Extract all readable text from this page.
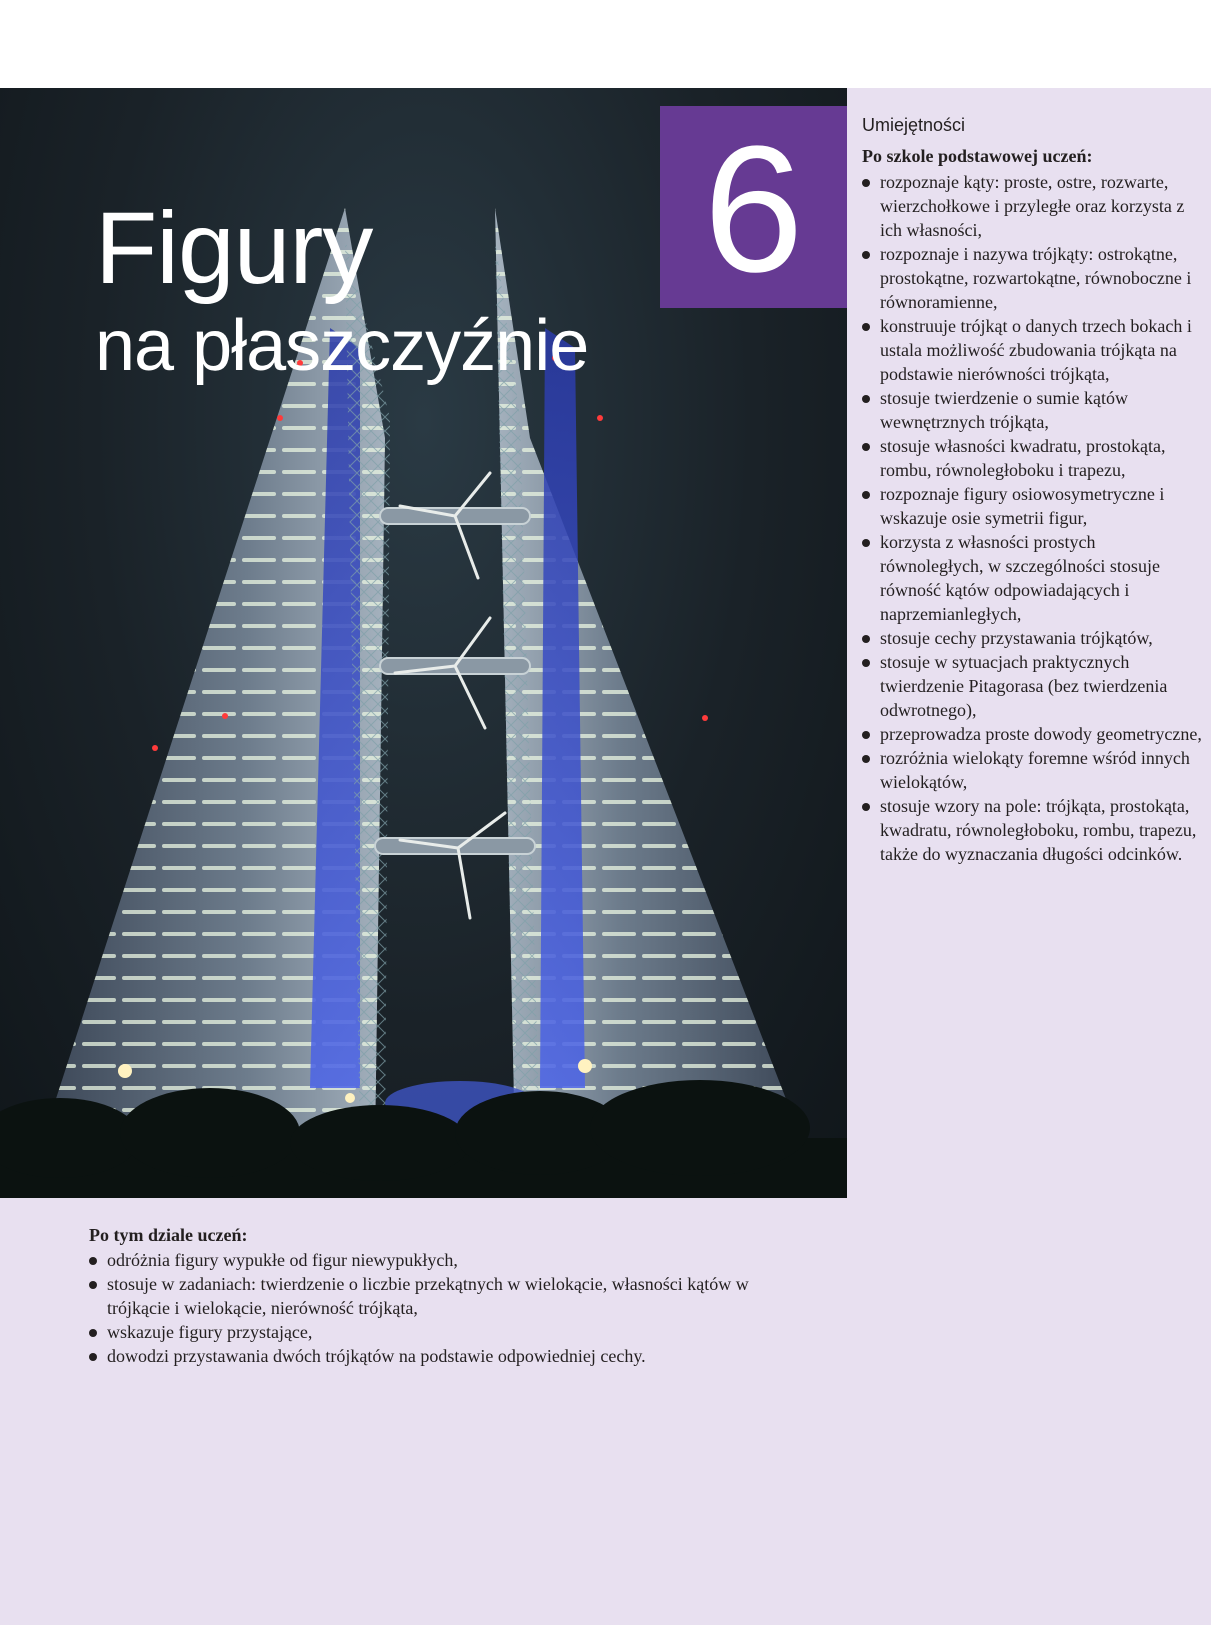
Figury
na płaszczyźnie
6	Umiejętności

Po szkole podstawowej uczeń:

rozpoznaje kąty: proste, ostre, rozwarte, wierzchołkowe i przyległe oraz korzysta z ich własności,
rozpoznaje i nazywa trójkąty: ostrokątne, prostokątne, rozwartokątne, równoboczne i równoramienne,
konstruuje trójkąt o danych trzech bokach i ustala możliwość zbudowania trójkąta na podstawie nierówności trójkąta,
stosuje twierdzenie o sumie kątów wewnętrznych trójkąta,
stosuje własności kwadratu, prostokąta, rombu, równoległoboku i trapezu,
rozpoznaje figury osiowosymetryczne i wskazuje osie symetrii figur,
korzysta z własności prostych równoległych, w szczególności stosuje równość kątów odpowiadających i naprzemianległych,
stosuje cechy przystawania trójkątów,
stosuje w sytuacjach praktycznych twierdzenie Pitagorasa (bez twierdzenia odwrotnego),
przeprowadza proste dowody geometryczne,
rozróżnia wielokąty foremne wśród innych wielokątów,
stosuje wzory na pole: trójkąta, prostokąta, kwadratu, równoległoboku, rombu, trapezu, także do wyznaczania długości odcinków.

Po tym dziale uczeń:

odróżnia figury wypukłe od figur niewypukłych,
stosuje w zadaniach: twierdzenie o liczbie przekątnych w wielokącie, własności kątów w trójkącie i wielokącie, nierówność trójkąta,
wskazuje figury przystające,
dowodzi przystawania dwóch trójkątów na podstawie odpowiedniej cechy.
